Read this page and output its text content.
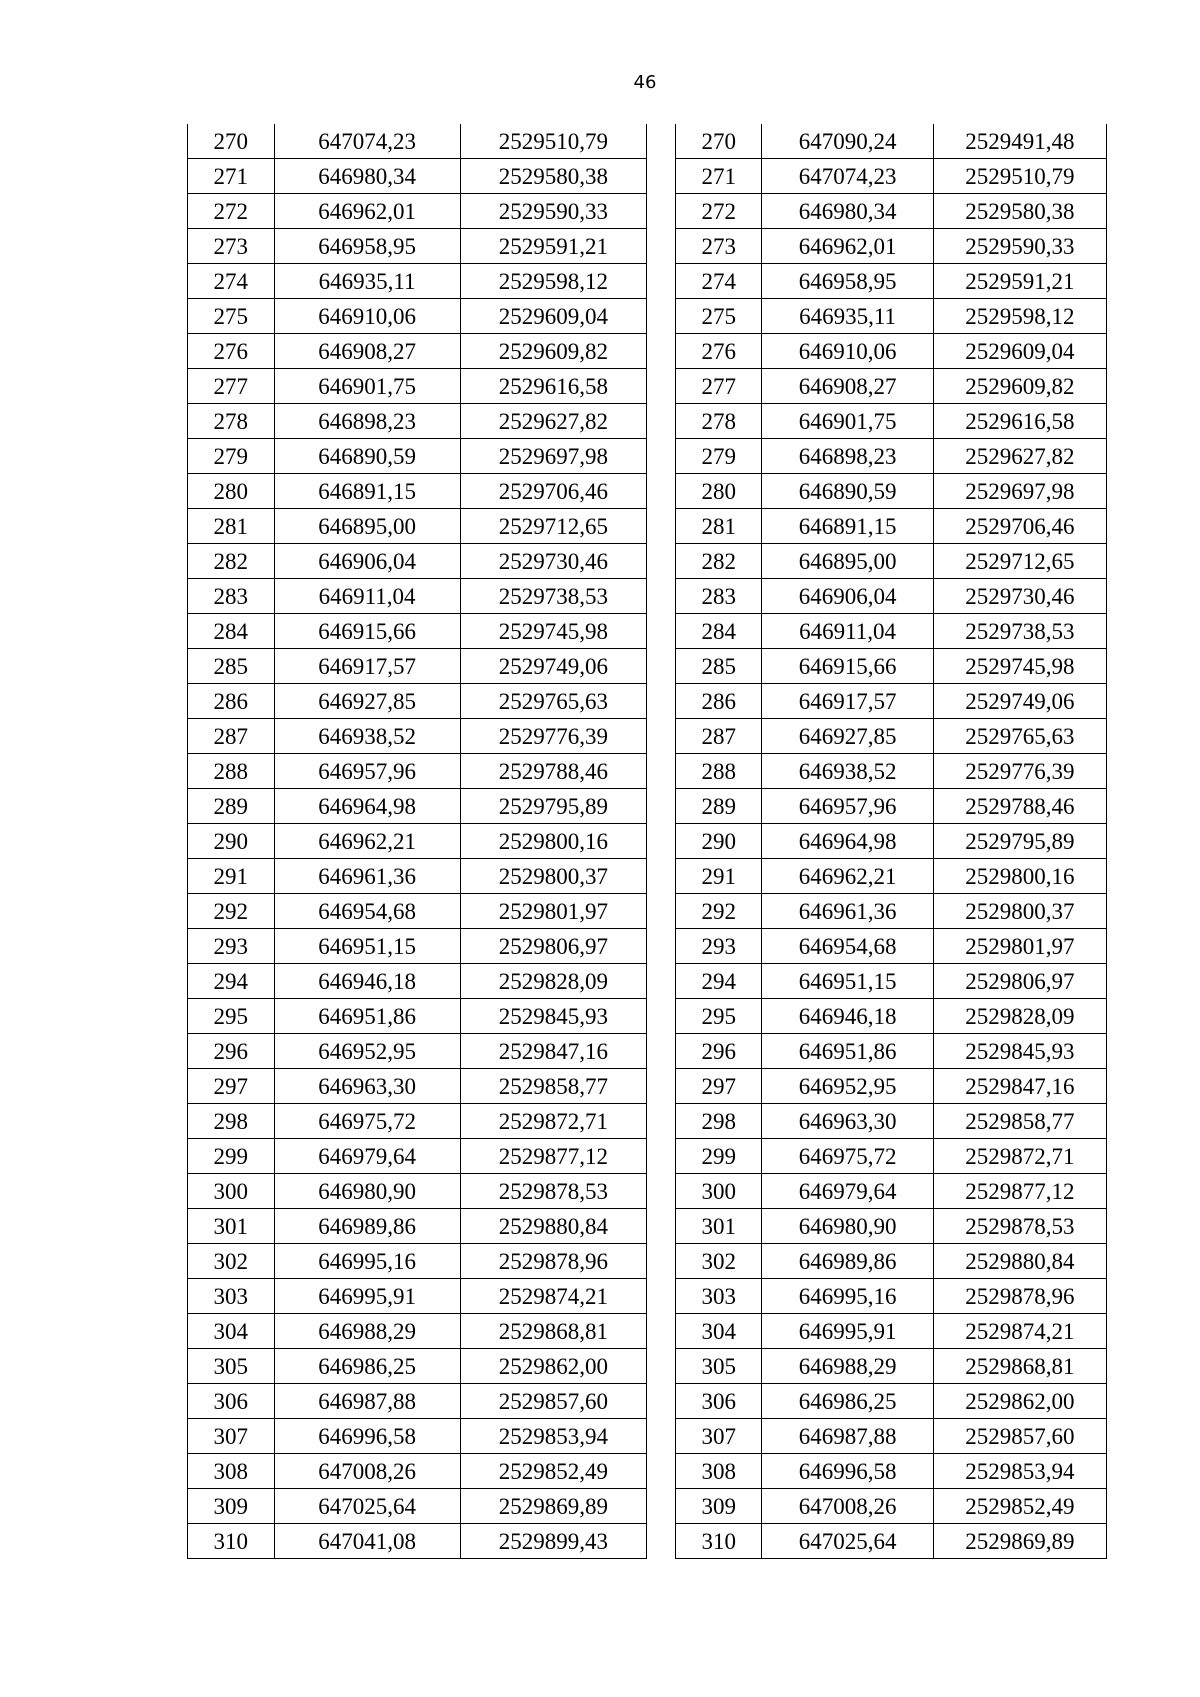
46
270	647074,23	2529510,79
271	646980,34	2529580,38
272	646962,01	2529590,33
273	646958,95	2529591,21
274	646935,11	2529598,12
275	646910,06	2529609,04
276	646908,27	2529609,82
277	646901,75	2529616,58
278	646898,23	2529627,82
279	646890,59	2529697,98
280	646891,15	2529706,46
281	646895,00	2529712,65
282	646906,04	2529730,46
283	646911,04	2529738,53
284	646915,66	2529745,98
285	646917,57	2529749,06
286	646927,85	2529765,63
287	646938,52	2529776,39
288	646957,96	2529788,46
289	646964,98	2529795,89
290	646962,21	2529800,16
291	646961,36	2529800,37
292	646954,68	2529801,97
293	646951,15	2529806,97
294	646946,18	2529828,09
295	646951,86	2529845,93
296	646952,95	2529847,16
297	646963,30	2529858,77
298	646975,72	2529872,71
299	646979,64	2529877,12
300	646980,90	2529878,53
301	646989,86	2529880,84
302	646995,16	2529878,96
303	646995,91	2529874,21
304	646988,29	2529868,81
305	646986,25	2529862,00
306	646987,88	2529857,60
307	646996,58	2529853,94
308	647008,26	2529852,49
309	647025,64	2529869,89
310	647041,08	2529899,43
270	647090,24	2529491,48
271	647074,23	2529510,79
272	646980,34	2529580,38
273	646962,01	2529590,33
274	646958,95	2529591,21
275	646935,11	2529598,12
276	646910,06	2529609,04
277	646908,27	2529609,82
278	646901,75	2529616,58
279	646898,23	2529627,82
280	646890,59	2529697,98
281	646891,15	2529706,46
282	646895,00	2529712,65
283	646906,04	2529730,46
284	646911,04	2529738,53
285	646915,66	2529745,98
286	646917,57	2529749,06
287	646927,85	2529765,63
288	646938,52	2529776,39
289	646957,96	2529788,46
290	646964,98	2529795,89
291	646962,21	2529800,16
292	646961,36	2529800,37
293	646954,68	2529801,97
294	646951,15	2529806,97
295	646946,18	2529828,09
296	646951,86	2529845,93
297	646952,95	2529847,16
298	646963,30	2529858,77
299	646975,72	2529872,71
300	646979,64	2529877,12
301	646980,90	2529878,53
302	646989,86	2529880,84
303	646995,16	2529878,96
304	646995,91	2529874,21
305	646988,29	2529868,81
306	646986,25	2529862,00
307	646987,88	2529857,60
308	646996,58	2529853,94
309	647008,26	2529852,49
310	647025,64	2529869,89
